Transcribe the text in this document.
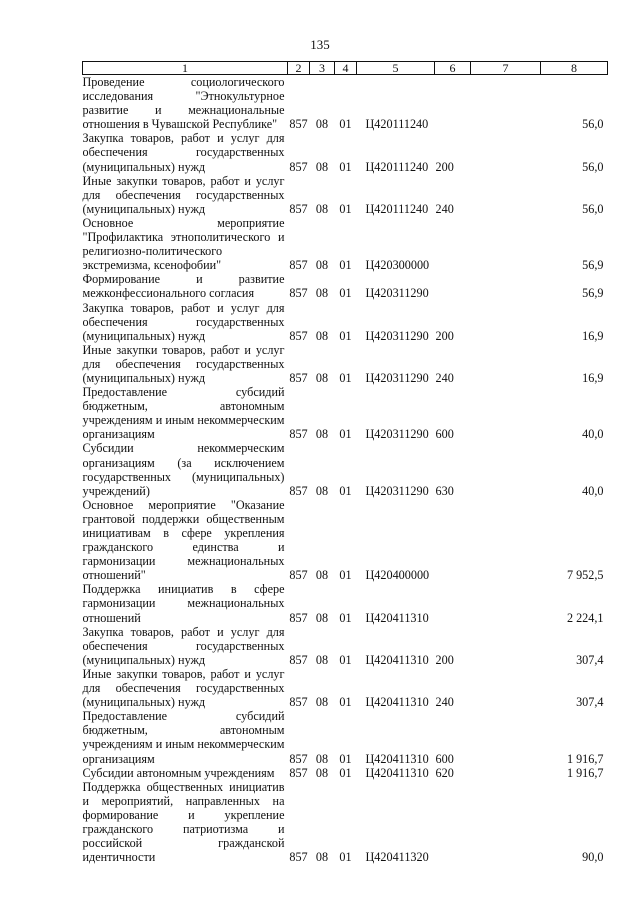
135
1	2	3	4	5	6	7	8
Проведение социологического исследования "Этнокультурное развитие и межнациональные отношения в Чувашской Республике"	857	08	01	Ц420111240			56,0
Закупка товаров, работ и услуг для обеспечения государственных (муниципальных) нужд	857	08	01	Ц420111240	200		56,0
Иные закупки товаров, работ и услуг для обеспечения государственных (муниципальных) нужд	857	08	01	Ц420111240	240		56,0
Основное мероприятие "Профилактика этнополитического и религиозно-политического экстремизма, ксенофобии"	857	08	01	Ц420300000			56,9
Формирование и развитие межконфессионального согласия	857	08	01	Ц420311290			56,9
Закупка товаров, работ и услуг для обеспечения государственных (муниципальных) нужд	857	08	01	Ц420311290	200		16,9
Иные закупки товаров, работ и услуг для обеспечения государственных (муниципальных) нужд	857	08	01	Ц420311290	240		16,9
Предоставление субсидий бюджетным, автономным учреждениям и иным некоммерческим организациям	857	08	01	Ц420311290	600		40,0
Субсидии некоммерческим организациям (за исключением государственных (муниципальных) учреждений)	857	08	01	Ц420311290	630		40,0
Основное мероприятие "Оказание грантовой поддержки общественным инициативам в сфере укрепления гражданского единства и гармонизации межнациональных отношений"	857	08	01	Ц420400000			7 952,5
Поддержка инициатив в сфере гармонизации межнациональных отношений	857	08	01	Ц420411310			2 224,1
Закупка товаров, работ и услуг для обеспечения государственных (муниципальных) нужд	857	08	01	Ц420411310	200		307,4
Иные закупки товаров, работ и услуг для обеспечения государственных (муниципальных) нужд	857	08	01	Ц420411310	240		307,4
Предоставление субсидий бюджетным, автономным учреждениям и иным некоммерческим организациям	857	08	01	Ц420411310	600		1 916,7
Субсидии автономным учреждениям	857	08	01	Ц420411310	620		1 916,7
Поддержка общественных инициатив и мероприятий, направленных на формирование и укрепление гражданского патриотизма и российской гражданской идентичности	857	08	01	Ц420411320			90,0
